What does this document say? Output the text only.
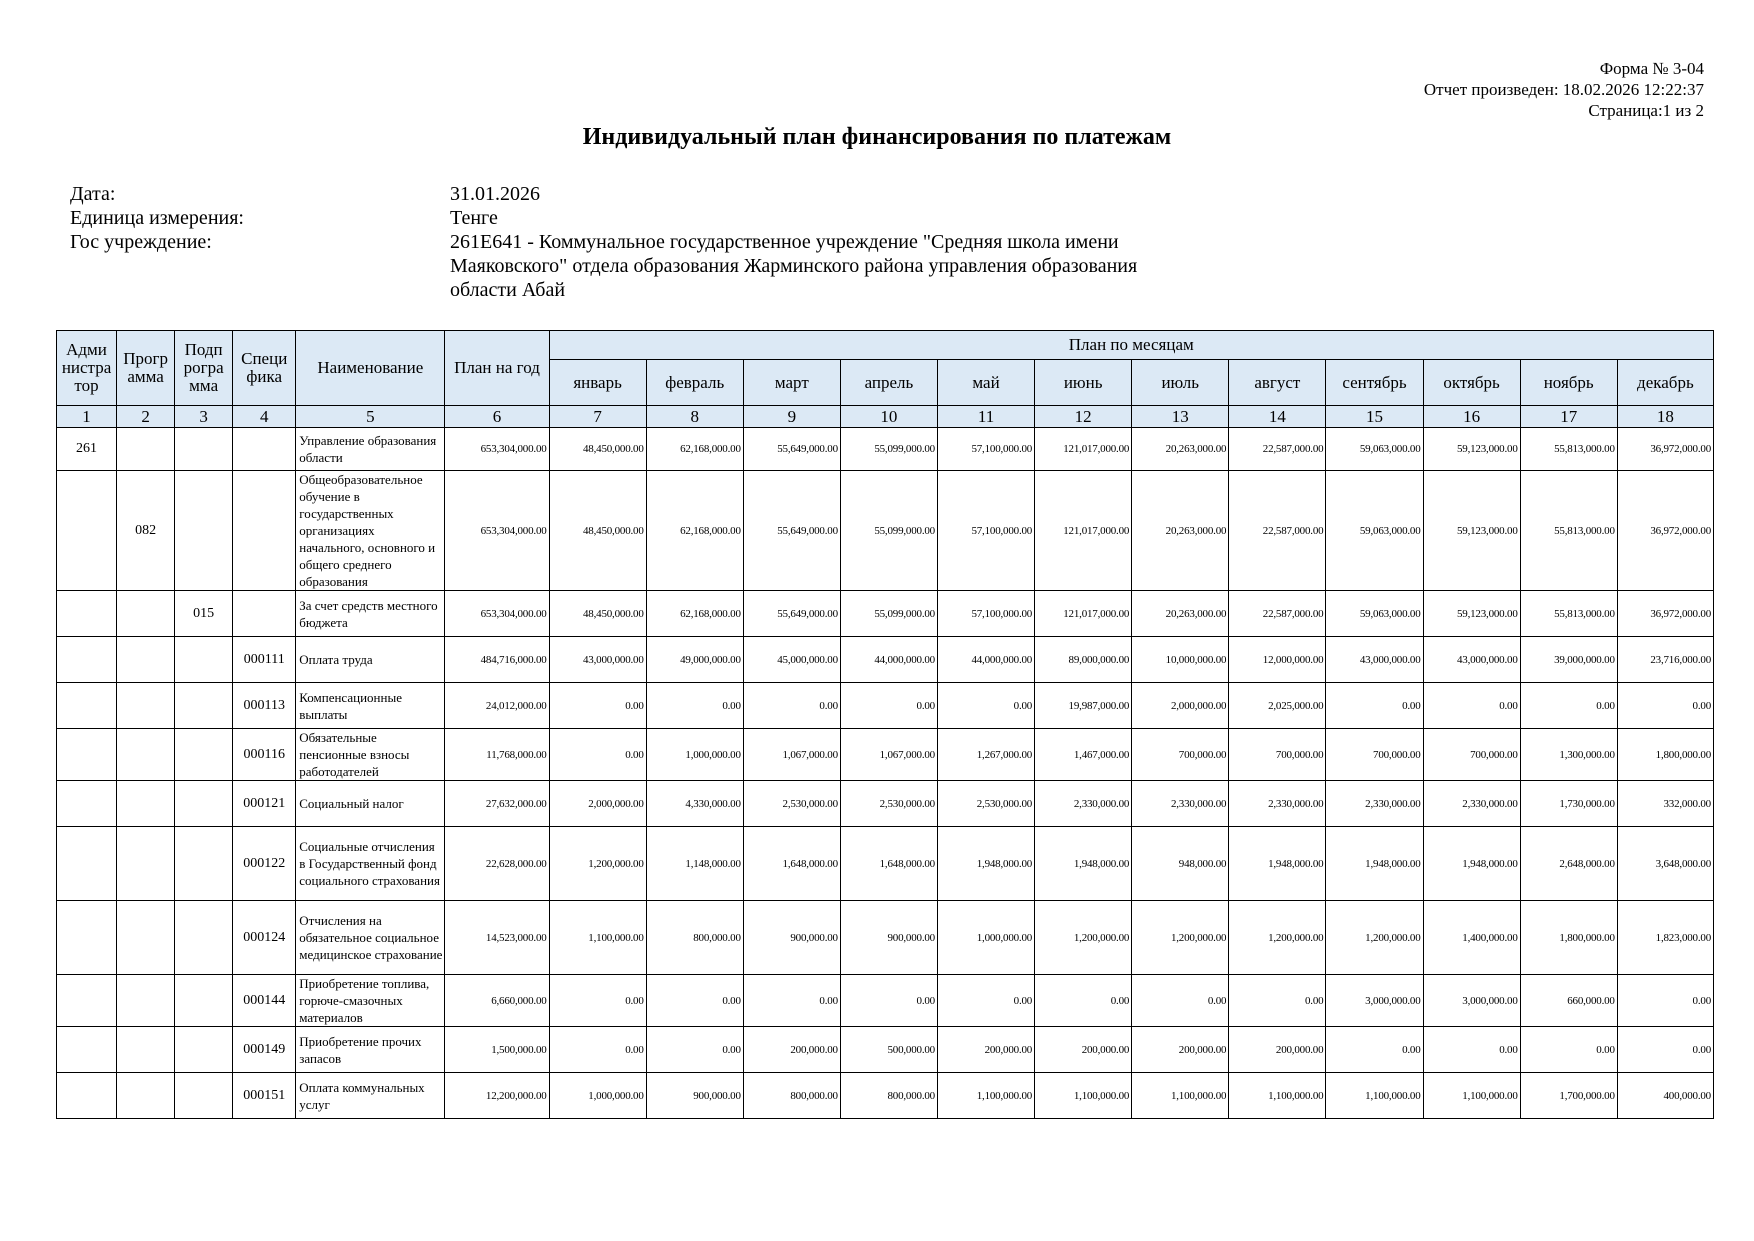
Форма № 3-04
Отчет произведен: 18.02.2026 12:22:37
Страница:1 из 2
Индивидуальный план финансирования по платежам
Дата:	31.01.2026
Единица измерения:	Тенге
Гос учреждение:	261E641 - Коммунальное государственное учреждение "Средняя школа имени Маяковского" отдела образования Жарминского района управления образования области Абай
Адми нистра тор	Прогр амма	Подп рогра мма	Специ фика	Наименование	План на год	План по месяцам											
						январь	февраль	март	апрель	май	июнь	июль	август	сентябрь	октябрь	ноябрь	декабрь
1	2	3	4	5	6	7	8	9	10	11	12	13	14	15	16	17	18
261				Управление образования области	653,304,000.00	48,450,000.00	62,168,000.00	55,649,000.00	55,099,000.00	57,100,000.00	121,017,000.00	20,263,000.00	22,587,000.00	59,063,000.00	59,123,000.00	55,813,000.00	36,972,000.00
	082			Общеобразовательное обучение в государственных организациях начального, основного и общего среднего образования	653,304,000.00	48,450,000.00	62,168,000.00	55,649,000.00	55,099,000.00	57,100,000.00	121,017,000.00	20,263,000.00	22,587,000.00	59,063,000.00	59,123,000.00	55,813,000.00	36,972,000.00
		015		За счет средств местного бюджета	653,304,000.00	48,450,000.00	62,168,000.00	55,649,000.00	55,099,000.00	57,100,000.00	121,017,000.00	20,263,000.00	22,587,000.00	59,063,000.00	59,123,000.00	55,813,000.00	36,972,000.00
			000111	Оплата труда	484,716,000.00	43,000,000.00	49,000,000.00	45,000,000.00	44,000,000.00	44,000,000.00	89,000,000.00	10,000,000.00	12,000,000.00	43,000,000.00	43,000,000.00	39,000,000.00	23,716,000.00
			000113	Компенсационные выплаты	24,012,000.00	0.00	0.00	0.00	0.00	0.00	19,987,000.00	2,000,000.00	2,025,000.00	0.00	0.00	0.00	0.00
			000116	Обязательные пенсионные взносы работодателей	11,768,000.00	0.00	1,000,000.00	1,067,000.00	1,067,000.00	1,267,000.00	1,467,000.00	700,000.00	700,000.00	700,000.00	700,000.00	1,300,000.00	1,800,000.00
			000121	Социальный налог	27,632,000.00	2,000,000.00	4,330,000.00	2,530,000.00	2,530,000.00	2,530,000.00	2,330,000.00	2,330,000.00	2,330,000.00	2,330,000.00	2,330,000.00	1,730,000.00	332,000.00
			000122	Социальные отчисления в Государственный фонд социального страхования	22,628,000.00	1,200,000.00	1,148,000.00	1,648,000.00	1,648,000.00	1,948,000.00	1,948,000.00	948,000.00	1,948,000.00	1,948,000.00	1,948,000.00	2,648,000.00	3,648,000.00
			000124	Отчисления на обязательное социальное медицинское страхование	14,523,000.00	1,100,000.00	800,000.00	900,000.00	900,000.00	1,000,000.00	1,200,000.00	1,200,000.00	1,200,000.00	1,200,000.00	1,400,000.00	1,800,000.00	1,823,000.00
			000144	Приобретение топлива, горюче-смазочных материалов	6,660,000.00	0.00	0.00	0.00	0.00	0.00	0.00	0.00	0.00	3,000,000.00	3,000,000.00	660,000.00	0.00
			000149	Приобретение прочих запасов	1,500,000.00	0.00	0.00	200,000.00	500,000.00	200,000.00	200,000.00	200,000.00	200,000.00	0.00	0.00	0.00	0.00
			000151	Оплата коммунальных услуг	12,200,000.00	1,000,000.00	900,000.00	800,000.00	800,000.00	1,100,000.00	1,100,000.00	1,100,000.00	1,100,000.00	1,100,000.00	1,100,000.00	1,700,000.00	400,000.00
